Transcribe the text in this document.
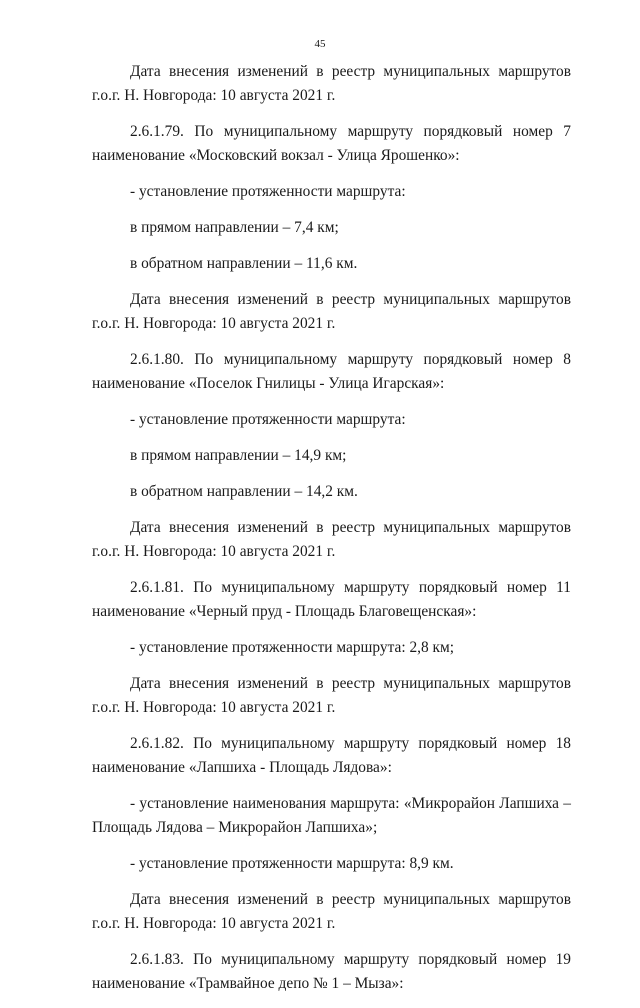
45

Дата внесения изменений в реестр муниципальных маршрутов г.о.г. Н. Новгорода: 10 августа 2021 г.

2.6.1.79. По муниципальному маршруту порядковый номер 7 наименование «Московский вокзал - Улица Ярошенко»:

- установление протяженности маршрута:

в прямом направлении – 7,4 км;

в обратном направлении – 11,6 км.

Дата внесения изменений в реестр муниципальных маршрутов г.о.г. Н. Новгорода: 10 августа 2021 г.

2.6.1.80. По муниципальному маршруту порядковый номер 8 наименование «Поселок Гнилицы - Улица Игарская»:

- установление протяженности маршрута:

в прямом направлении – 14,9 км;

в обратном направлении – 14,2 км.

Дата внесения изменений в реестр муниципальных маршрутов г.о.г. Н. Новгорода: 10 августа 2021 г.

2.6.1.81. По муниципальному маршруту порядковый номер 11 наименование «Черный пруд - Площадь Благовещенская»:

- установление протяженности маршрута: 2,8 км;

Дата внесения изменений в реестр муниципальных маршрутов г.о.г. Н. Новгорода: 10 августа 2021 г.

2.6.1.82. По муниципальному маршруту порядковый номер 18 наименование «Лапшиха - Площадь Лядова»:

- установление наименования маршрута: «Микрорайон Лапшиха – Площадь Лядова – Микрорайон Лапшиха»;

- установление протяженности маршрута: 8,9 км.

Дата внесения изменений в реестр муниципальных маршрутов г.о.г. Н. Новгорода: 10 августа 2021 г.

2.6.1.83. По муниципальному маршруту порядковый номер 19 наименование «Трамвайное депо № 1 – Мыза»:
